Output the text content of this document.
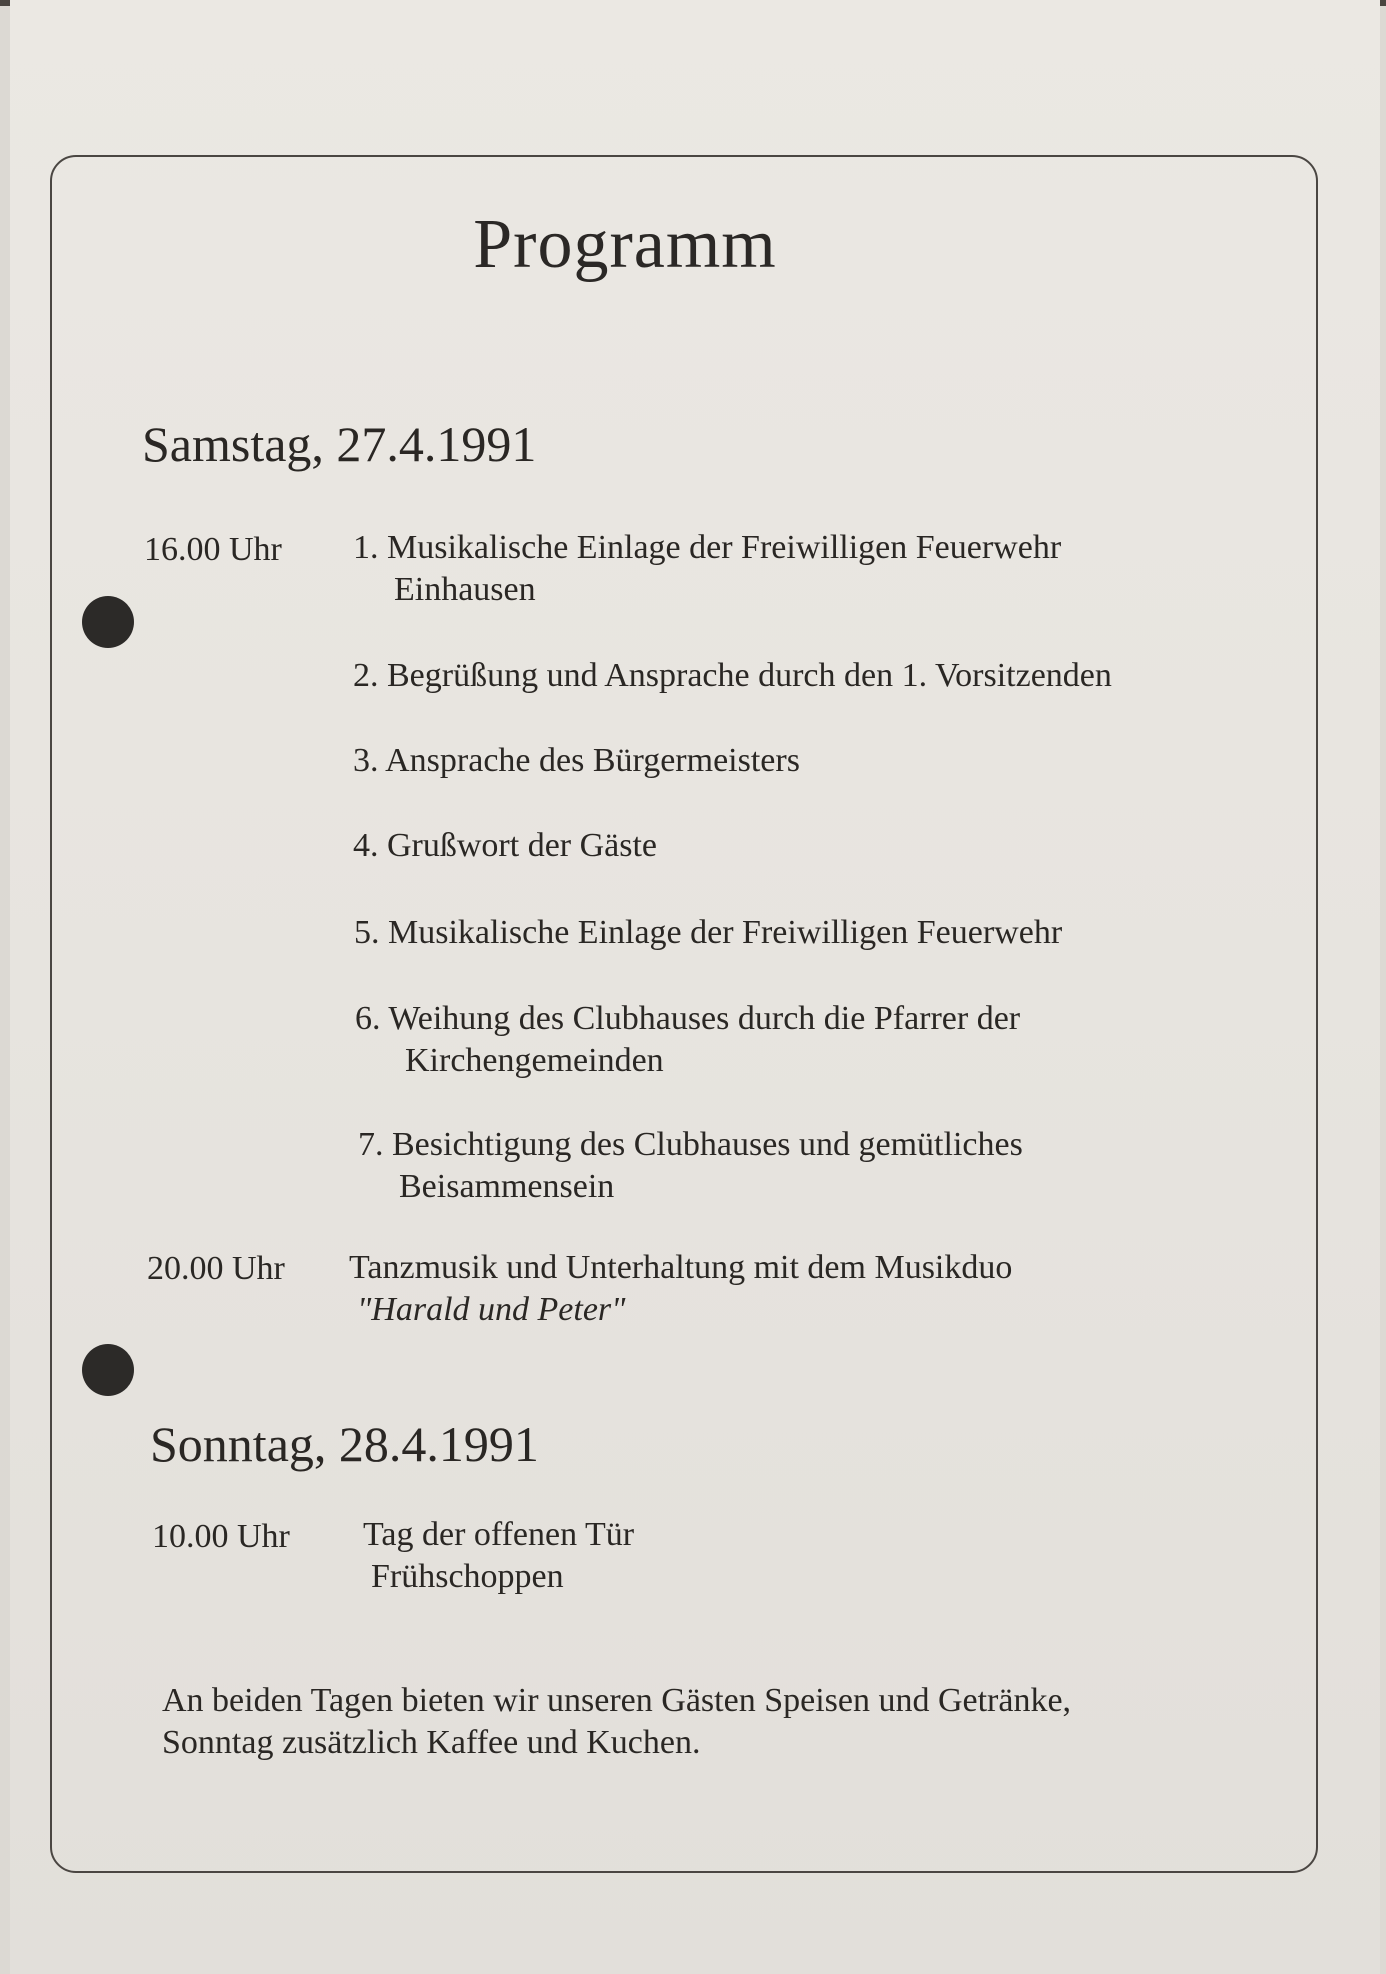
Programm
Samstag, 27.4.1991
16.00 Uhr 1. Musikalische Einlage der Freiwilligen Feuerwehr
Einhausen
2. Begrüßung und Ansprache durch den 1. Vorsitzenden
3. Ansprache des Bürgermeisters
4. Grußwort der Gäste
5. Musikalische Einlage der Freiwilligen Feuerwehr
6. Weihung des Clubhauses durch die Pfarrer der
Kirchengemeinden
7. Besichtigung des Clubhauses und gemütliches
Beisammensein
20.00 Uhr Tanzmusik und Unterhaltung mit dem Musikduo
"Harald und Peter"
Sonntag, 28.4.1991
10.00 Uhr Tag der offenen Tür
Frühschoppen
An beiden Tagen bieten wir unseren Gästen Speisen und Getränke,
Sonntag zusätzlich Kaffee und Kuchen.
